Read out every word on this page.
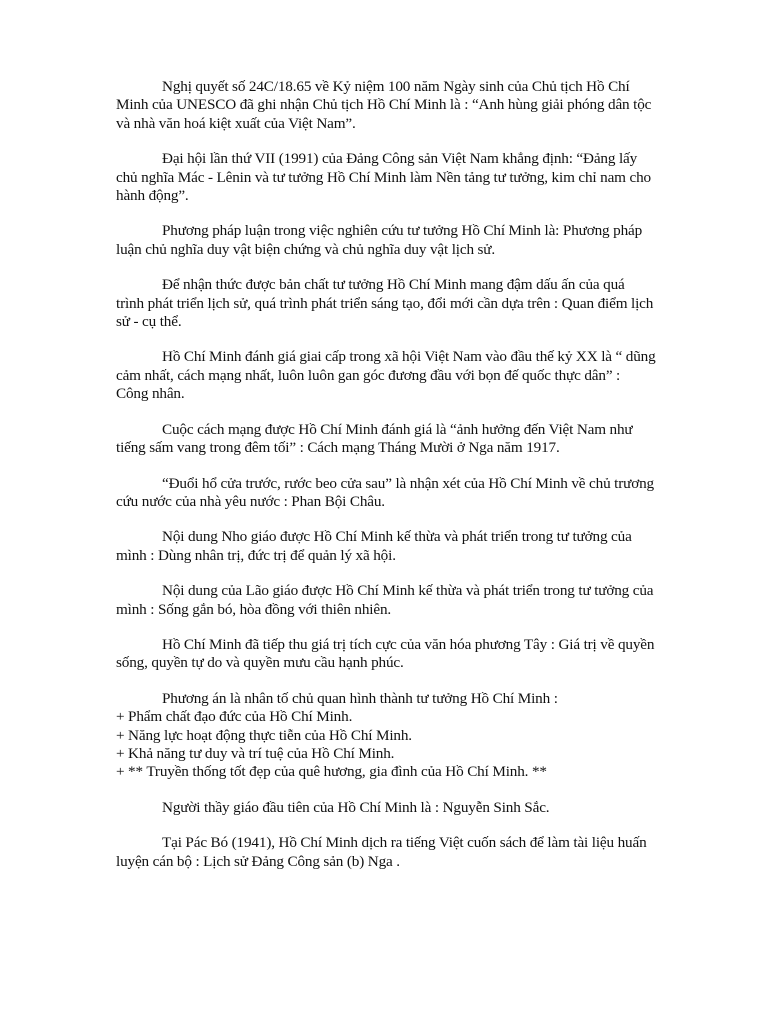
Nghị quyết số 24C/18.65 về Kỷ niệm 100 năm Ngày sinh của Chủ tịch Hồ Chí Minh của UNESCO đã ghi nhận Chủ tịch Hồ Chí Minh là : “Anh hùng giải phóng dân tộc và nhà văn hoá kiệt xuất của Việt Nam”.

Đại hội lần thứ VII (1991) của Đảng Công sản Việt Nam khẳng định: “Đảng lấy chủ nghĩa Mác - Lênin và tư tưởng Hồ Chí Minh làm Nền tảng tư tưởng, kim chỉ nam cho hành động”.

Phương pháp luận trong việc nghiên cứu tư tưởng Hồ Chí Minh là: Phương pháp luận chủ nghĩa duy vật biện chứng và chủ nghĩa duy vật lịch sử.

Để nhận thức được bản chất tư tưởng Hồ Chí Minh mang đậm dấu ấn của quá trình phát triển lịch sử, quá trình phát triển sáng tạo, đổi mới cần dựa trên : Quan điểm lịch sử - cụ thể.

Hồ Chí Minh đánh giá giai cấp trong xã hội Việt Nam vào đầu thế kỷ XX là “ dũng cảm nhất, cách mạng nhất, luôn luôn gan góc đương đầu với bọn đế quốc thực dân” : Công nhân.

Cuộc cách mạng được Hồ Chí Minh đánh giá là “ảnh hưởng đến Việt Nam như tiếng sấm vang trong đêm tối” : Cách mạng Tháng Mười ở Nga năm 1917.

“Đuổi hổ cửa trước, rước beo cửa sau” là nhận xét của Hồ Chí Minh về chủ trương cứu nước của nhà yêu nước : Phan Bội Châu.

Nội dung Nho giáo được Hồ Chí Minh kế thừa và phát triển trong tư tưởng của mình : Dùng nhân trị, đức trị để quản lý xã hội.

Nội dung của Lão giáo được Hồ Chí Minh kế thừa và phát triển trong tư tưởng của mình : Sống gắn bó, hòa đồng với thiên nhiên.

Hồ Chí Minh đã tiếp thu giá trị tích cực của văn hóa phương Tây : Giá trị về quyền sống, quyền tự do và quyền mưu cầu hạnh phúc.

Phương án là nhân tố chủ quan hình thành tư tưởng Hồ Chí Minh :

+ Phẩm chất đạo đức của Hồ Chí Minh.

+ Năng lực hoạt động thực tiễn của Hồ Chí Minh.

+ Khả năng tư duy và trí tuệ của Hồ Chí Minh.

+ ** Truyền thống tốt đẹp của quê hương, gia đình của Hồ Chí Minh. **

Người thầy giáo đầu tiên của Hồ Chí Minh là : Nguyễn Sinh Sắc.

Tại Pác Bó (1941), Hồ Chí Minh dịch ra tiếng Việt cuốn sách để làm tài liệu huấn luyện cán bộ : Lịch sử Đảng Công sản (b) Nga .
